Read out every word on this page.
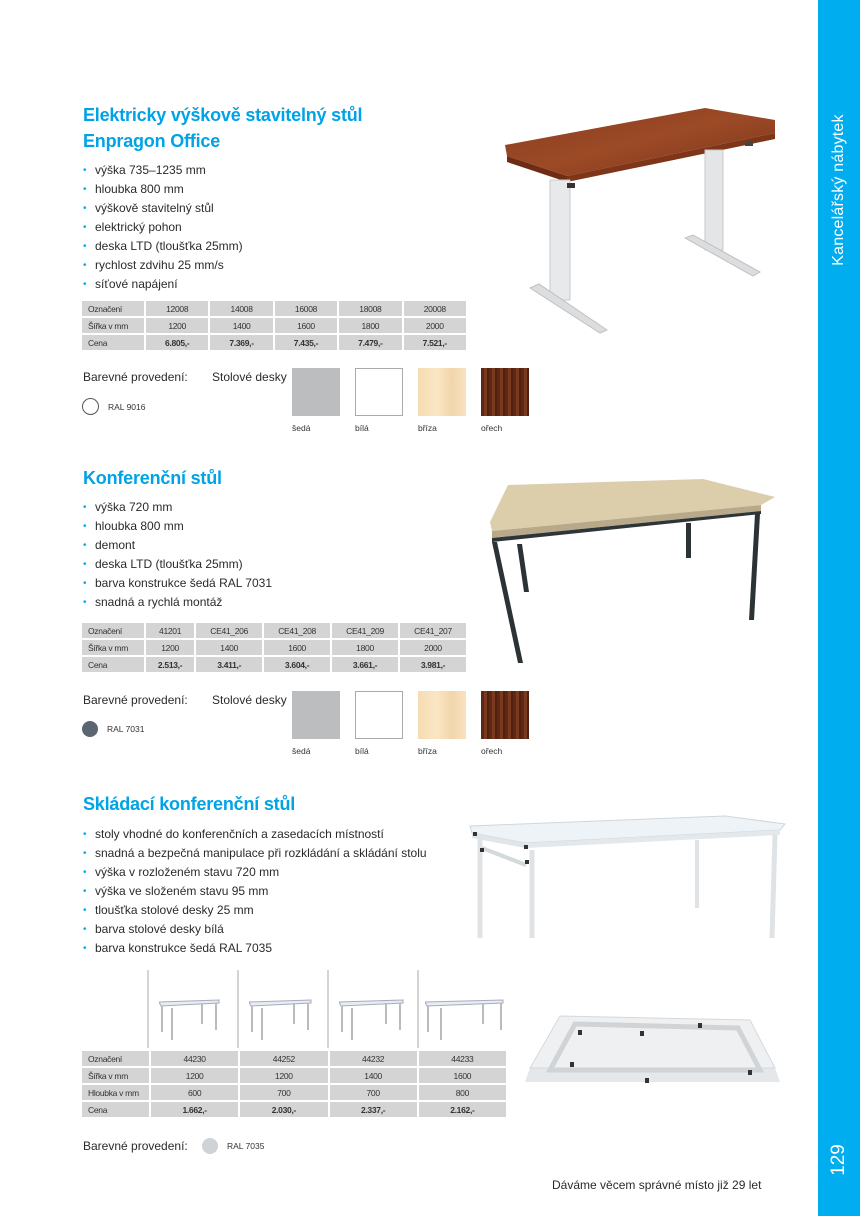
Kancelářský nábytek
129
Elektricky výškově stavitelný stůl
Enpragon Office
• výška 735–1235 mm
• hloubka 800 mm
• výškově stavitelný stůl
• elektrický pohon
• deska LTD (tloušťka 25mm)
• rychlost zdvihu 25 mm/s
• síťové napájení
Označení	12008	14008	16008	18008	20008
Šířka v mm	1200	1400	1600	1800	2000
Cena	6.805,-	7.369,-	7.435,-	7.479,-	7.521,-
Barevné provedení: Stolové desky
RAL 9016
šedá	bílá	bříza	ořech
Konferenční stůl
• výška 720 mm
• hloubka 800 mm
• demont
• deska LTD (tloušťka 25mm)
• barva konstrukce šedá RAL 7031
• snadná a rychlá montáž
Označení	41201	CE41_206	CE41_208	CE41_209	CE41_207
Šířka v mm	1200	1400	1600	1800	2000
Cena	2.513,-	3.411,-	3.604,-	3.661,-	3.981,-
Barevné provedení: Stolové desky
RAL 7031
šedá	bílá	bříza	ořech
Skládací konferenční stůl
• stoly vhodné do konferenčních a zasedacích místností
• snadná a bezpečná manipulace při rozkládání a skládání stolu
• výška v rozloženém stavu 720 mm
• výška ve složeném stavu 95 mm
• tloušťka stolové desky 25 mm
• barva stolové desky bílá
• barva konstrukce šedá RAL 7035
Označení	44230	44252	44232	44233
Šířka v mm	1200	1200	1400	1600
Hloubka v mm	600	700	700	800
Cena	1.662,-	2.030,-	2.337,-	2.162,-
Barevné provedení:	RAL 7035
Dáváme věcem správné místo již 29 let
